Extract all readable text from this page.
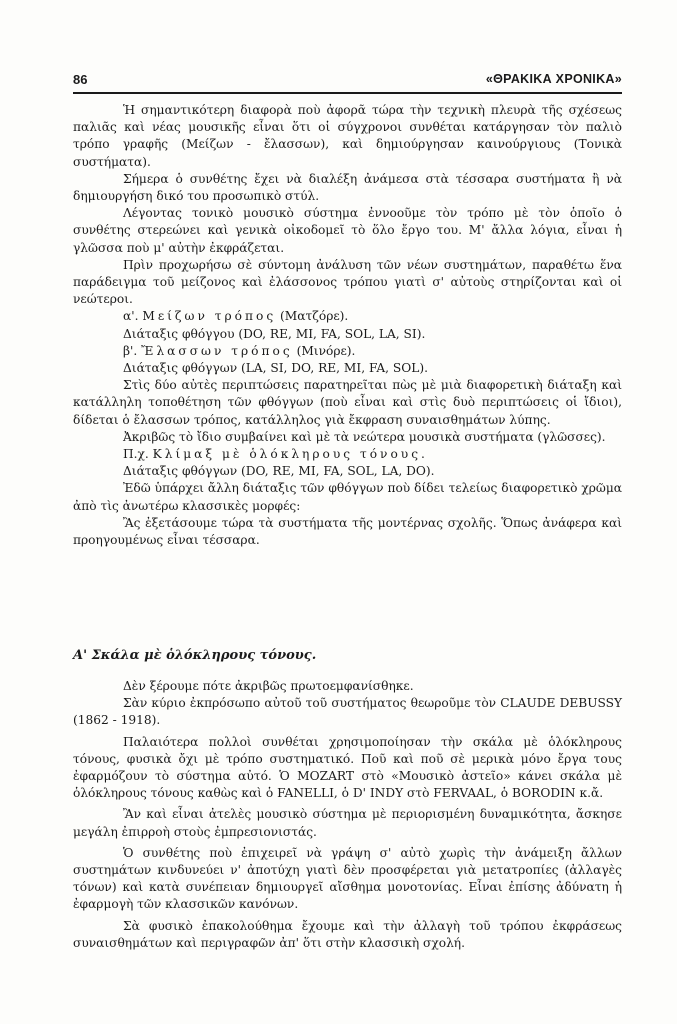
86	«ΘΡΑΚΙΚΑ ΧΡΟΝΙΚΑ»

Ἡ σημαντικότερη διαφορὰ ποὺ ἀφορᾶ τώρα τὴν τεχνικὴ πλευρὰ τῆς σχέσεως παλιᾶς καὶ νέας μουσικῆς εἶναι ὅτι οἱ σύγχρονοι συνθέται κατάργησαν τὸν παλιὸ τρόπο γραφῆς (Μείζων - ἔλασσων), καὶ δημιούργησαν καινούργιους (Τονικὰ συστήματα).

Σήμερα ὁ συνθέτης ἔχει νὰ διαλέξη ἀνάμεσα στὰ τέσσαρα συστήματα ἢ νὰ δημιουργήση δικό του προσωπικὸ στύλ.

Λέγοντας τονικὸ μουσικὸ σύστημα ἐννοοῦμε τὸν τρόπο μὲ τὸν ὁποῖο ὁ συνθέτης στερεώνει καὶ γενικὰ οἰκοδομεῖ τὸ ὅλο ἔργο του. Μ' ἄλλα λόγια, εἶναι ἡ γλῶσσα ποὺ μ' αὐτὴν ἐκφράζεται.

Πρὶν προχωρήσω σὲ σύντομη ἀνάλυση τῶν νέων συστημάτων, παραθέτω ἕνα παράδειγμα τοῦ μείζονος καὶ ἐλάσσονος τρόπου γιατὶ σ' αὐτοὺς στηρίζονται καὶ οἱ νεώτεροι.

α'. Μείζων τρόπος (Ματζόρε).

Διάταξις φθόγγου (DO, RE, MI, FA, SOL, LA, SI).

β'. Ἔλασσων τρόπος (Μινόρε).

Διάταξις φθόγγων (LA, SI, DO, RE, MI, FA, SOL).

Στὶς δύο αὐτὲς περιπτώσεις παρατηρεῖται πὼς μὲ μιὰ διαφορετικὴ διάταξη καὶ κατάλληλη τοποθέτηση τῶν φθόγγων (ποὺ εἶναι καὶ στὶς δυὸ περιπτώσεις οἱ ἴδιοι), δίδεται ὁ ἔλασσων τρόπος, κατάλληλος γιὰ ἔκφραση συναισθημάτων λύπης.

Ἀκριβῶς τὸ ἴδιο συμβαίνει καὶ μὲ τὰ νεώτερα μουσικὰ συστήματα (γλῶσσες).

Π.χ. Κλίμαξ μὲ ὁλόκληρους τόνους.

Διάταξις φθόγγων (DO, RE, MI, FA, SOL, LA, DO).

Ἐδῶ ὑπάρχει ἄλλη διάταξις τῶν φθόγγων ποὺ δίδει τελείως διαφορετικὸ χρῶμα ἀπὸ τὶς ἀνωτέρω κλασσικὲς μορφές:

Ἂς ἐξετάσουμε τώρα τὰ συστήματα τῆς μοντέρνας σχολῆς. Ὅπως ἀνάφερα καὶ προηγουμένως εἶναι τέσσαρα.

Α' Σκάλα μὲ ὁλόκληρους τόνους.

Δὲν ξέρουμε πότε ἀκριβῶς πρωτοεμφανίσθηκε.

Σὰν κύριο ἐκπρόσωπο αὐτοῦ τοῦ συστήματος θεωροῦμε τὸν CLAUDE DEBUSSY (1862 - 1918).

Παλαιότερα πολλοὶ συνθέται χρησιμοποίησαν τὴν σκάλα μὲ ὁλόκληρους τόνους, φυσικὰ ὄχι μὲ τρόπο συστηματικό. Ποῦ καὶ ποῦ σὲ μερικὰ μόνο ἔργα τους ἐφαρμόζουν τὸ σύστημα αὐτό. Ὁ MOZART στὸ «Μουσικὸ ἀστεῖο» κάνει σκάλα μὲ ὁλόκληρους τόνους καθὼς καὶ ὁ FANELLI, ὁ D' INDY στὸ FERVAAL, ὁ BORODIN κ.ἄ.

Ἂν καὶ εἶναι ἀτελὲς μουσικὸ σύστημα μὲ περιορισμένη δυναμικότητα, ἄσκησε μεγάλη ἐπιρροὴ στοὺς ἐμπρεσιονιστάς.

Ὁ συνθέτης ποὺ ἐπιχειρεῖ νὰ γράψη σ' αὐτὸ χωρὶς τὴν ἀνάμειξη ἄλλων συστημάτων κινδυνεύει ν' ἀποτύχη γιατὶ δὲν προσφέρεται γιὰ μετατροπίες (ἀλλαγὲς τόνων) καὶ κατὰ συνέπειαν δημιουργεῖ αἴσθημα μονοτονίας. Εἶναι ἐπίσης ἀδύνατη ἡ ἐφαρμογὴ τῶν κλασσικῶν κανόνων.

Σὰ φυσικὸ ἐπακολούθημα ἔχουμε καὶ τὴν ἀλλαγὴ τοῦ τρόπου ἐκφράσεως συναισθημάτων καὶ περιγραφῶν ἀπ' ὅτι στὴν κλασσικὴ σχολή.
